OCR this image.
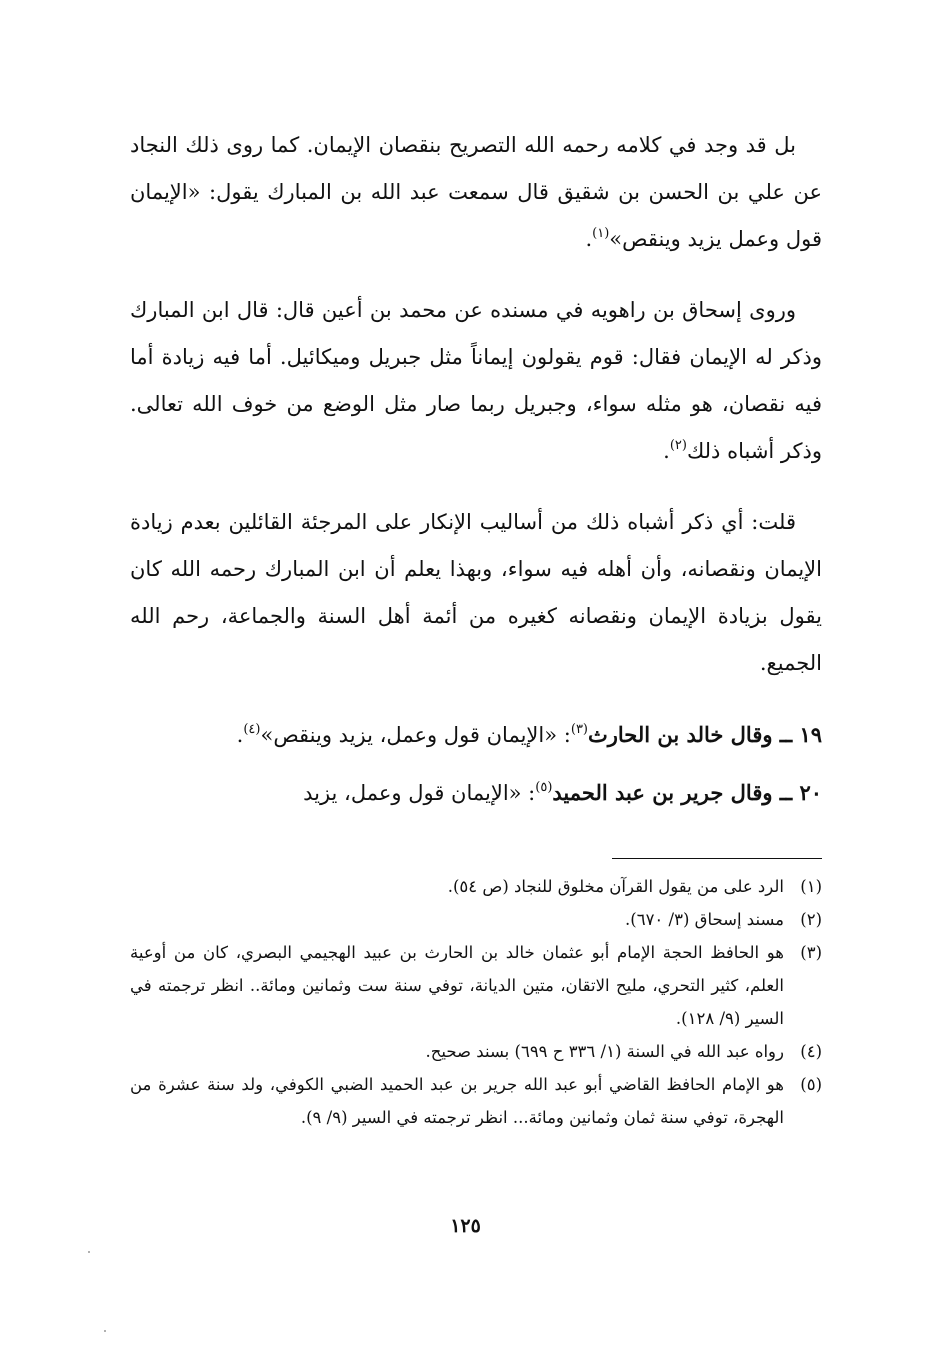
بل قد وجد في كلامه رحمه الله التصريح بنقصان الإيمان. كما روى ذلك النجاد عن علي بن الحسن بن شقيق قال سمعت عبد الله بن المبارك يقول: «الإيمان قول وعمل يزيد وينقص»$^{(١)}$.

وروى إسحاق بن راهويه في مسنده عن محمد بن أعين قال: قال ابن المبارك وذكر له الإيمان فقال: قوم يقولون إيماناً مثل جبريل وميكائيل. أما فيه زيادة أما فيه نقصان، هو مثله سواء، وجبريل ربما صار مثل الوضع من خوف الله تعالى. وذكر أشباه ذلك$^{(٢)}$.

قلت: أي ذكر أشباه ذلك من أساليب الإنكار على المرجئة القائلين بعدم زيادة الإيمان ونقصانه، وأن أهله فيه سواء، وبهذا يعلم أن ابن المبارك رحمه الله كان يقول بزيادة الإيمان ونقصانه كغيره من أئمة أهل السنة والجماعة، رحم الله الجميع.

١٩ ــ وقال خالد بن الحارث$^{(٣)}$: «الإيمان قول وعمل، يزيد وينقص»$^{(٤)}$.

٢٠ ــ وقال جرير بن عبد الحميد$^{(٥)}$: «الإيمان قول وعمل، يزيد

(١)
الرد على من يقول القرآن مخلوق للنجاد (ص ٥٤).
(٢)
مسند إسحاق (٣/ ٦٧٠).
(٣)
هو الحافظ الحجة الإمام أبو عثمان خالد بن الحارث بن عبيد الهجيمي البصري، كان من أوعية العلم، كثير التحري، مليح الاتقان، متين الديانة، توفي سنة ست وثمانين ومائة.. انظر ترجمته في السير (٩/ ١٢٨).
(٤)
رواه عبد الله في السنة (١/ ٣٣٦ ح ٦٩٩) بسند صحيح.
(٥)
هو الإمام الحافظ القاضي أبو عبد الله جرير بن عبد الحميد الضبي الكوفي، ولد سنة عشرة من الهجرة، توفي سنة ثمان وثمانين ومائة... انظر ترجمته في السير (٩/ ٩).
١٢٥
